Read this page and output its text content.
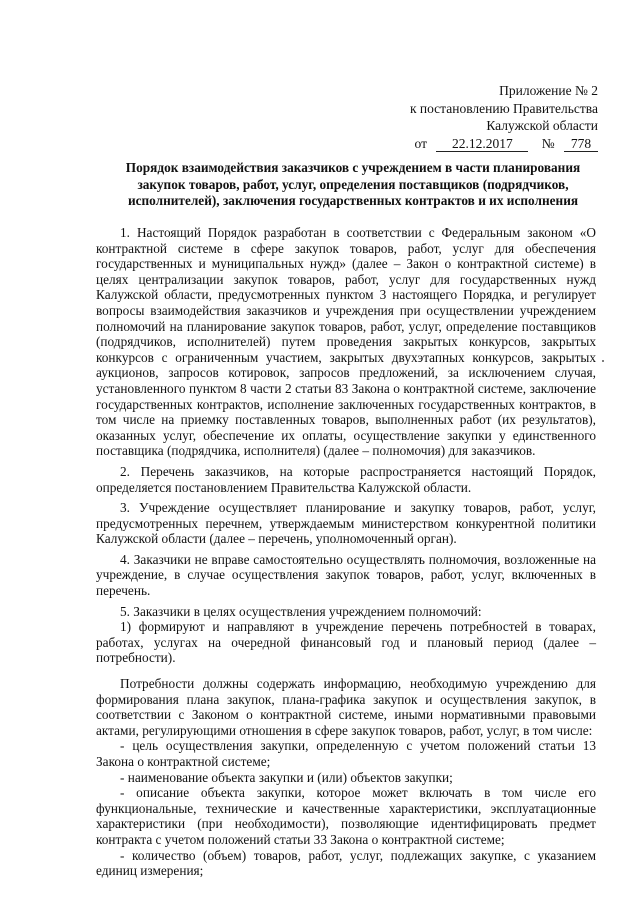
Приложение № 2
к постановлению Правительства
Калужской области
от 22.12.2017 № 778
Порядок взаимодействия заказчиков с учреждением в части планирования закупок товаров, работ, услуг, определения поставщиков (подрядчиков, исполнителей), заключения государственных контрактов и их исполнения

1. Настоящий Порядок разработан в соответствии с Федеральным законом «О контрактной системе в сфере закупок товаров, работ, услуг для обеспечения государственных и муниципальных нужд» (далее – Закон о контрактной системе) в целях централизации закупок товаров, работ, услуг для государственных нужд Калужской области, предусмотренных пунктом 3 настоящего Порядка, и регулирует вопросы взаимодействия заказчиков и учреждения при осуществлении учреждением полномочий на планирование закупок товаров, работ, услуг, определение поставщиков (подрядчиков, исполнителей) путем проведения закрытых конкурсов, закрытых конкурсов с ограниченным участием, закрытых двухэтапных конкурсов, закрытых аукционов, запросов котировок, запросов предложений, за исключением случая, установленного пунктом 8 части 2 статьи 83 Закона о контрактной системе, заключение государственных контрактов, исполнение заключенных государственных контрактов, в том числе на приемку поставленных товаров, выполненных работ (их результатов), оказанных услуг, обеспечение их оплаты, осуществление закупки у единственного поставщика (подрядчика, исполнителя) (далее – полномочия) для заказчиков.

2. Перечень заказчиков, на которые распространяется настоящий Порядок, определяется постановлением Правительства Калужской области.

3. Учреждение осуществляет планирование и закупку товаров, работ, услуг, предусмотренных перечнем, утверждаемым министерством конкурентной политики Калужской области (далее – перечень, уполномоченный орган).

4. Заказчики не вправе самостоятельно осуществлять полномочия, возложенные на учреждение, в случае осуществления закупок товаров, работ, услуг, включенных в перечень.

5. Заказчики в целях осуществления учреждением полномочий:

1) формируют и направляют в учреждение перечень потребностей в товарах, работах, услугах на очередной финансовый год и плановый период (далее – потребности).

Потребности должны содержать информацию, необходимую учреждению для формирования плана закупок, плана-графика закупок и осуществления закупок, в соответствии с Законом о контрактной системе, иными нормативными правовыми актами, регулирующими отношения в сфере закупок товаров, работ, услуг, в том числе:

- цель осуществления закупки, определенную с учетом положений статьи 13 Закона о контрактной системе;

- наименование объекта закупки и (или) объектов закупки;

- описание объекта закупки, которое может включать в том числе его функциональные, технические и качественные характеристики, эксплуатационные характеристики (при необходимости), позволяющие идентифицировать предмет контракта с учетом положений статьи 33 Закона о контрактной системе;

- количество (объем) товаров, работ, услуг, подлежащих закупке, с указанием единиц измерения;
